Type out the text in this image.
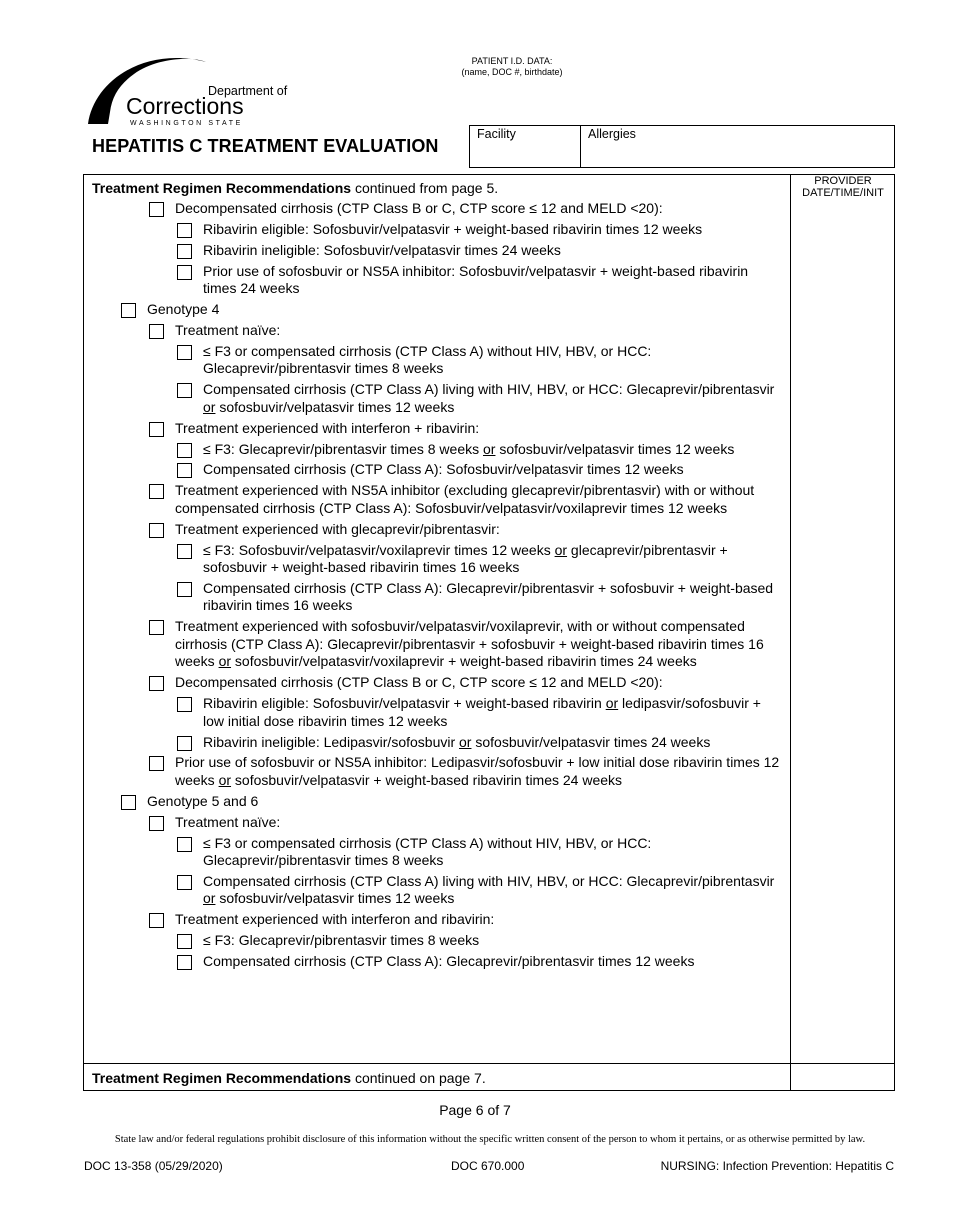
Department of
Corrections
WASHINGTON STATE
PATIENT I.D. DATA:
(name, DOC #, birthdate)
HEPATITIS C TREATMENT EVALUATION
Facility	Allergies
PROVIDER
DATE/TIME/INIT
Treatment Regimen Recommendations continued from page 5.
Decompensated cirrhosis (CTP Class B or C, CTP score ≤ 12 and MELD <20):
Ribavirin eligible: Sofosbuvir/velpatasvir + weight-based ribavirin times 12 weeks
Ribavirin ineligible: Sofosbuvir/velpatasvir times 24 weeks
Prior use of sofosbuvir or NS5A inhibitor: Sofosbuvir/velpatasvir + weight-based ribavirin times 24 weeks
Genotype 4
Treatment naïve:
≤ F3 or compensated cirrhosis (CTP Class A) without HIV, HBV, or HCC: Glecaprevir/pibrentasvir times 8 weeks
Compensated cirrhosis (CTP Class A) living with HIV, HBV, or HCC: Glecaprevir/pibrentasvir or sofosbuvir/velpatasvir times 12 weeks
Treatment experienced with interferon + ribavirin:
≤ F3: Glecaprevir/pibrentasvir times 8 weeks or sofosbuvir/velpatasvir times 12 weeks
Compensated cirrhosis (CTP Class A): Sofosbuvir/velpatasvir times 12 weeks
Treatment experienced with NS5A inhibitor (excluding glecaprevir/pibrentasvir) with or without compensated cirrhosis (CTP Class A): Sofosbuvir/velpatasvir/voxilaprevir times 12 weeks
Treatment experienced with glecaprevir/pibrentasvir:
≤ F3: Sofosbuvir/velpatasvir/voxilaprevir times 12 weeks or glecaprevir/pibrentasvir + sofosbuvir + weight-based ribavirin times 16 weeks
Compensated cirrhosis (CTP Class A): Glecaprevir/pibrentasvir + sofosbuvir + weight-based ribavirin times 16 weeks
Treatment experienced with sofosbuvir/velpatasvir/voxilaprevir, with or without compensated cirrhosis (CTP Class A): Glecaprevir/pibrentasvir + sofosbuvir + weight-based ribavirin times 16 weeks or sofosbuvir/velpatasvir/voxilaprevir + weight-based ribavirin times 24 weeks
Decompensated cirrhosis (CTP Class B or C, CTP score ≤ 12 and MELD <20):
Ribavirin eligible: Sofosbuvir/velpatasvir + weight-based ribavirin or ledipasvir/sofosbuvir + low initial dose ribavirin times 12 weeks
Ribavirin ineligible: Ledipasvir/sofosbuvir or sofosbuvir/velpatasvir times 24 weeks
Prior use of sofosbuvir or NS5A inhibitor: Ledipasvir/sofosbuvir + low initial dose ribavirin times 12 weeks or sofosbuvir/velpatasvir + weight-based ribavirin times 24 weeks
Genotype 5 and 6
Treatment naïve:
≤ F3 or compensated cirrhosis (CTP Class A) without HIV, HBV, or HCC: Glecaprevir/pibrentasvir times 8 weeks
Compensated cirrhosis (CTP Class A) living with HIV, HBV, or HCC: Glecaprevir/pibrentasvir or sofosbuvir/velpatasvir times 12 weeks
Treatment experienced with interferon and ribavirin:
≤ F3: Glecaprevir/pibrentasvir times 8 weeks
Compensated cirrhosis (CTP Class A): Glecaprevir/pibrentasvir times 12 weeks
Treatment Regimen Recommendations continued on page 7.
Page 6 of 7
State law and/or federal regulations prohibit disclosure of this information without the specific written consent of the person to whom it pertains, or as otherwise permitted by law.
DOC 13-358 (05/29/2020)	DOC 670.000	NURSING: Infection Prevention: Hepatitis C
